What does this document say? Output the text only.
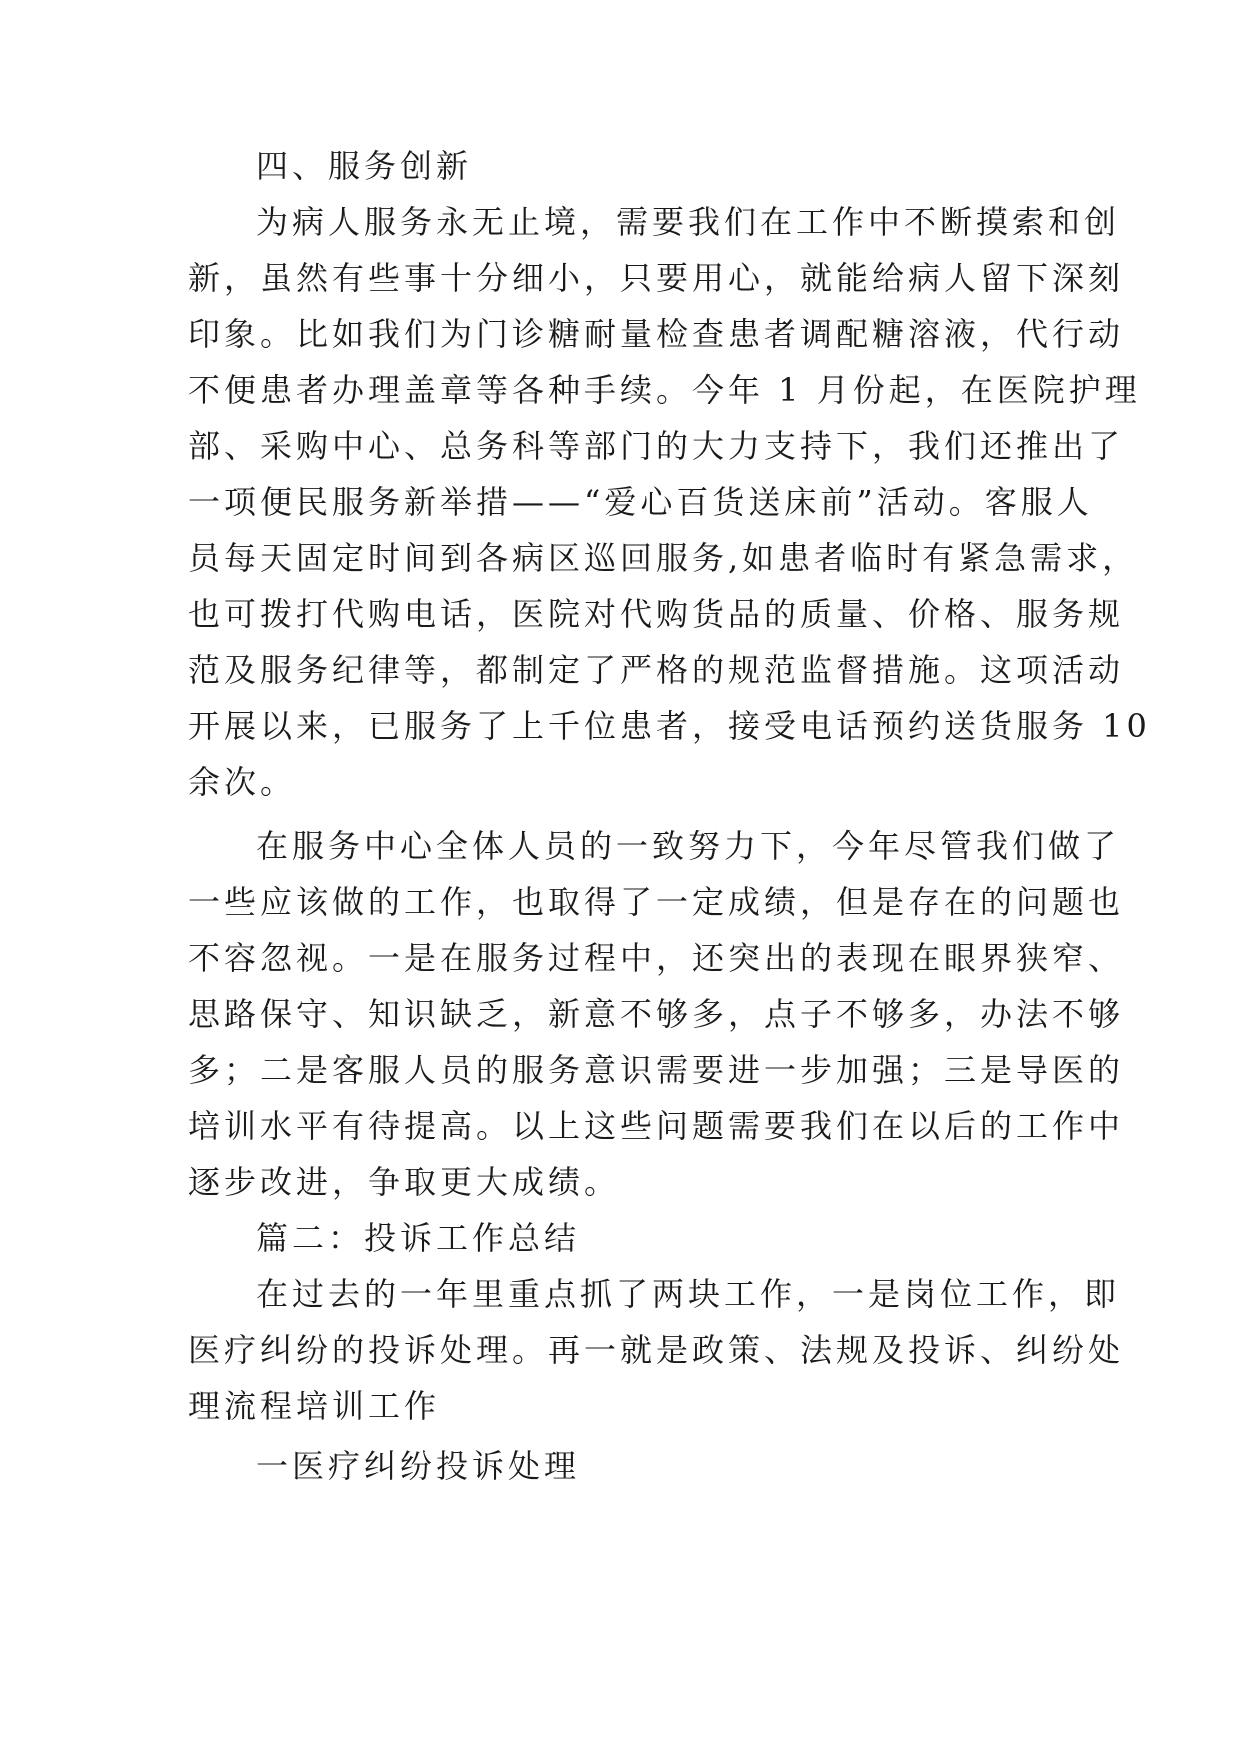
四、服务创新
为病人服务永无止境，需要我们在工作中不断摸索和创
新，虽然有些事十分细小，只要用心，就能给病人留下深刻
印象。比如我们为门诊糖耐量检查患者调配糖溶液，代行动
不便患者办理盖章等各种手续。今年 1 月份起，在医院护理
部、采购中心、总务科等部门的大力支持下，我们还推出了
一项便民服务新举措——“爱心百货送床前”活动。客服人
员每天固定时间到各病区巡回服务,如患者临时有紧急需求，
也可拨打代购电话，医院对代购货品的质量、价格、服务规
范及服务纪律等，都制定了严格的规范监督措施。这项活动
开展以来，已服务了上千位患者，接受电话预约送货服务 10
余次。
在服务中心全体人员的一致努力下，今年尽管我们做了
一些应该做的工作，也取得了一定成绩，但是存在的问题也
不容忽视。一是在服务过程中，还突出的表现在眼界狭窄、
思路保守、知识缺乏，新意不够多，点子不够多，办法不够
多；二是客服人员的服务意识需要进一步加强；三是导医的
培训水平有待提高。以上这些问题需要我们在以后的工作中
逐步改进，争取更大成绩。
篇二：投诉工作总结
在过去的一年里重点抓了两块工作，一是岗位工作，即
医疗纠纷的投诉处理。再一就是政策、法规及投诉、纠纷处
理流程培训工作
一医疗纠纷投诉处理
